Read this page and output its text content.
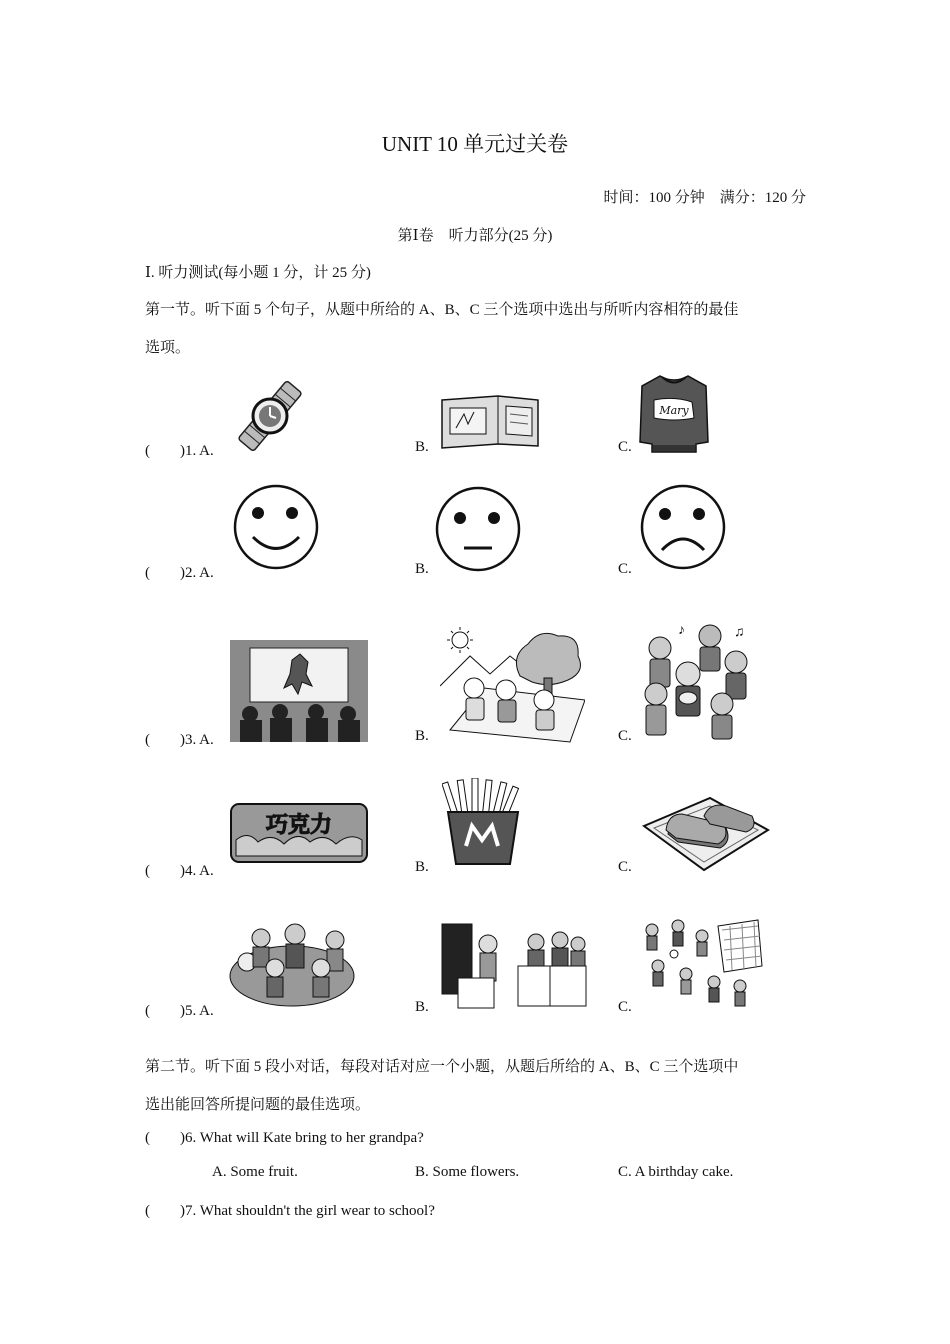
UNIT 10 单元过关卷
时间：100 分钟　满分：120 分
第Ⅰ卷　听力部分(25 分)
Ⅰ. 听力测试(每小题 1 分，计 25 分)
第一节。听下面 5 个句子，从题中所给的 A、B、C 三个选项中选出与所听内容相符的最佳
选项。
(　　)1. A.	B.	C.
Mary
(　　)2. A.	B.	C.
(　　)3. A.	B.	C.
♪	♫
(　　)4. A.	B.	C.
巧克力
(　　)5. A.	B.	C.
第二节。听下面 5 段小对话，每段对话对应一个小题，从题后所给的 A、B、C 三个选项中
选出能回答所提问题的最佳选项。
(　　)6. What will Kate bring to her grandpa?
A. Some fruit.	B. Some flowers.	C. A birthday cake.
(　　)7. What shouldn't the girl wear to school?
